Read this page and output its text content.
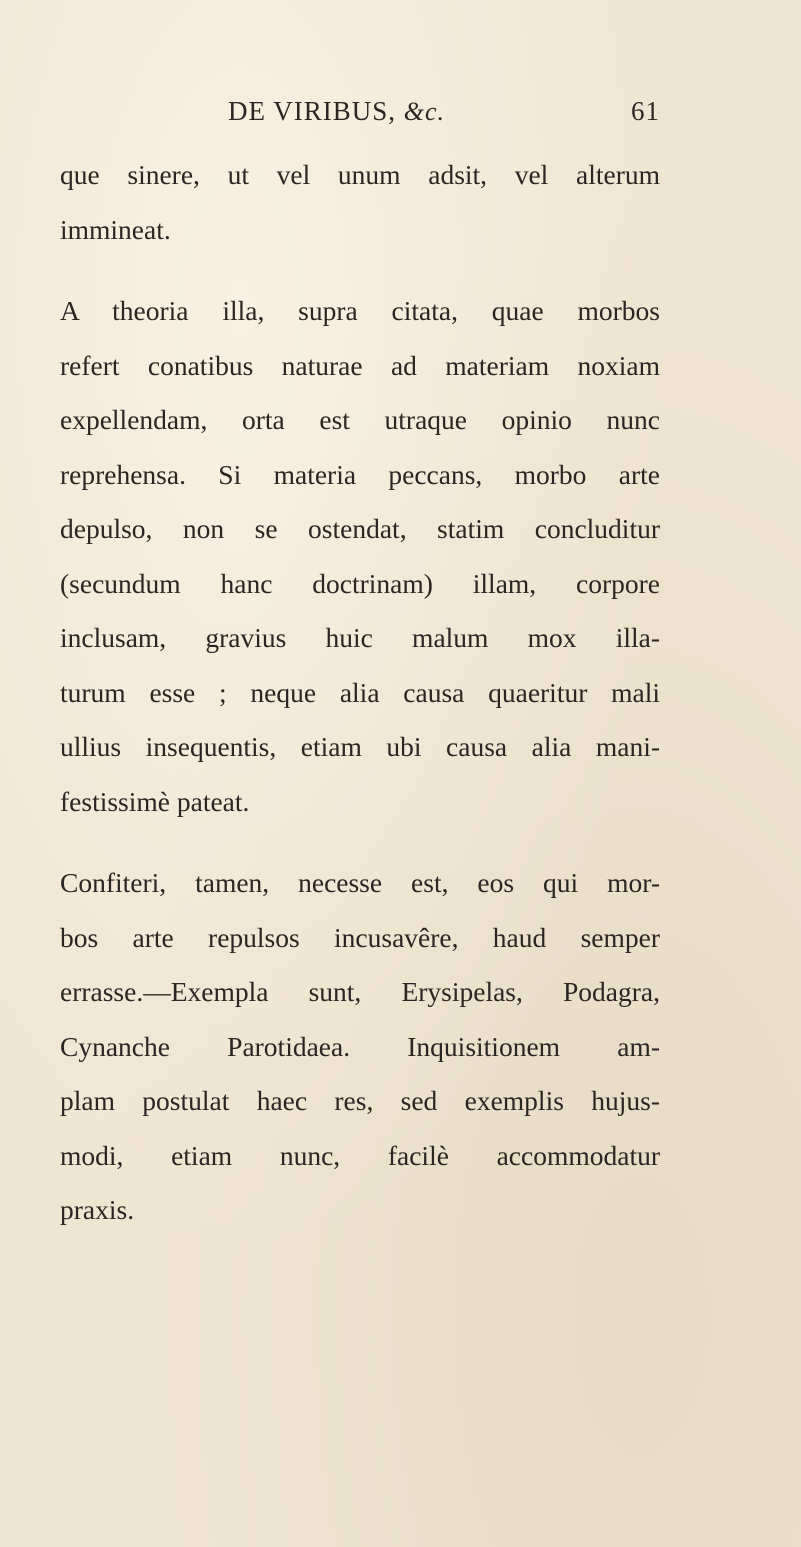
DE VIRIBUS, &c.	61

que sinere, ut vel unum adsit, vel alterum
immineat.

A theoria illa, supra citata, quae morbos
refert conatibus naturae ad materiam noxiam
expellendam, orta est utraque opinio nunc
reprehensa. Si materia peccans, morbo arte
depulso, non se ostendat, statim concluditur
(secundum hanc doctrinam) illam, corpore
inclusam, gravius huic malum mox illa-
turum esse ; neque alia causa quaeritur mali
ullius insequentis, etiam ubi causa alia mani-
festissimè pateat.

Confiteri, tamen, necesse est, eos qui mor-
bos arte repulsos incusavêre, haud semper
errasse.—Exempla sunt, Erysipelas, Podagra,
Cynanche Parotidaea. Inquisitionem am-
plam postulat haec res, sed exemplis hujus-
modi, etiam nunc, facilè accommodatur
praxis.
